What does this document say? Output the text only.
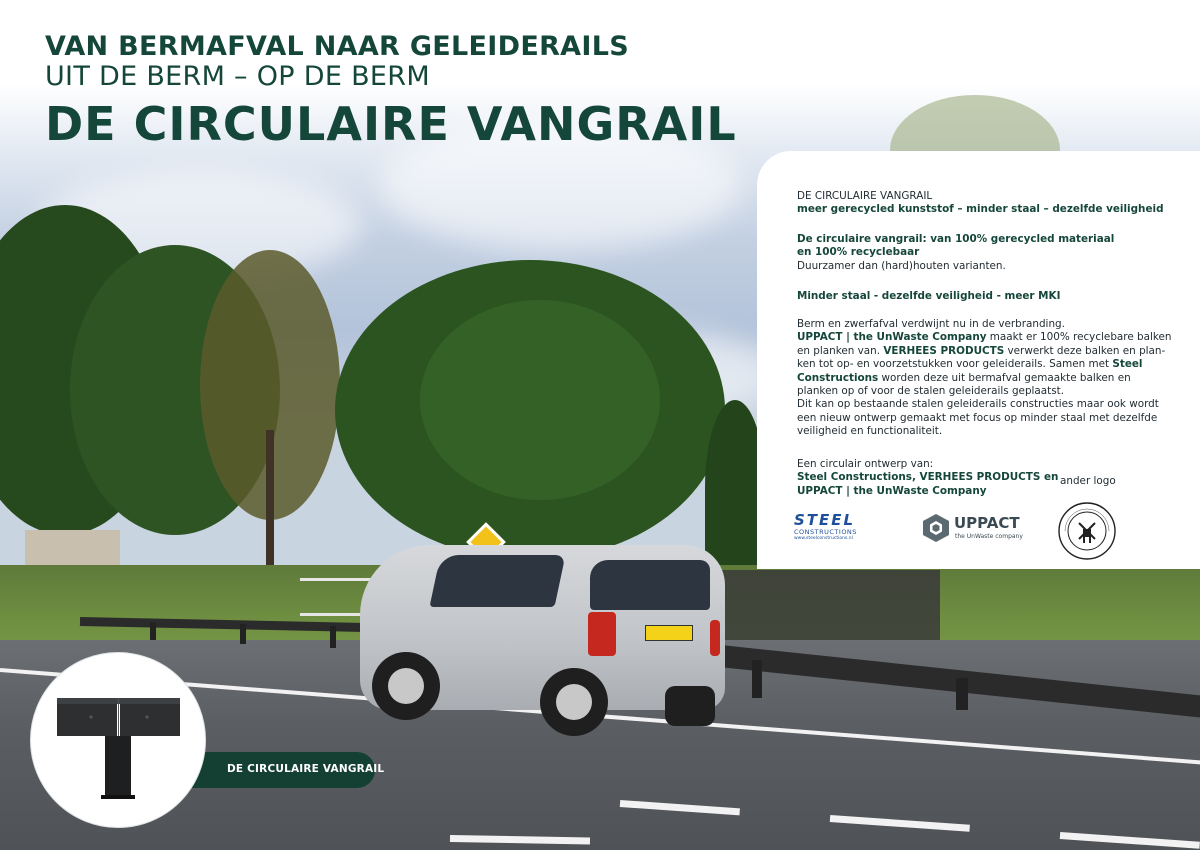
VAN BERMAFVAL NAAR GELEIDERAILS
UIT DE BERM – OP DE BERM
DE CIRCULAIRE VANGRAIL
DE CIRCULAIRE VANGRAIL
meer gerecycled kunststof – minder staal – dezelfde veiligheid
De circulaire vangrail: van 100% gerecycled materiaal
en 100% recyclebaar
Duurzamer dan (hard)houten varianten.
Minder staal - dezelfde veiligheid - meer MKI
Berm en zwerfafval verdwijnt nu in de verbranding.
UPPACT | the UnWaste Company maakt er 100% recyclebare balken
en planken van. VERHEES PRODUCTS verwerkt deze balken en plan-
ken tot op- en voorzetstukken voor geleiderails. Samen met Steel
Constructions worden deze uit bermafval gemaakte balken en
planken op of voor de stalen geleiderails geplaatst.
Dit kan op bestaande stalen geleiderails constructies maar ook wordt
een nieuw ontwerp gemaakt met focus op minder staal met dezelfde
veiligheid en functionaliteit.
Een circulair ontwerp van:
Steel Constructions, VERHEES PRODUCTS en
UPPACT | the UnWaste Company
ander logo
STEEL
CONSTRUCTIONS
www.steelconstructions.nl
UPPACT
the UnWaste company
DE CIRCULAIRE VANGRAIL
